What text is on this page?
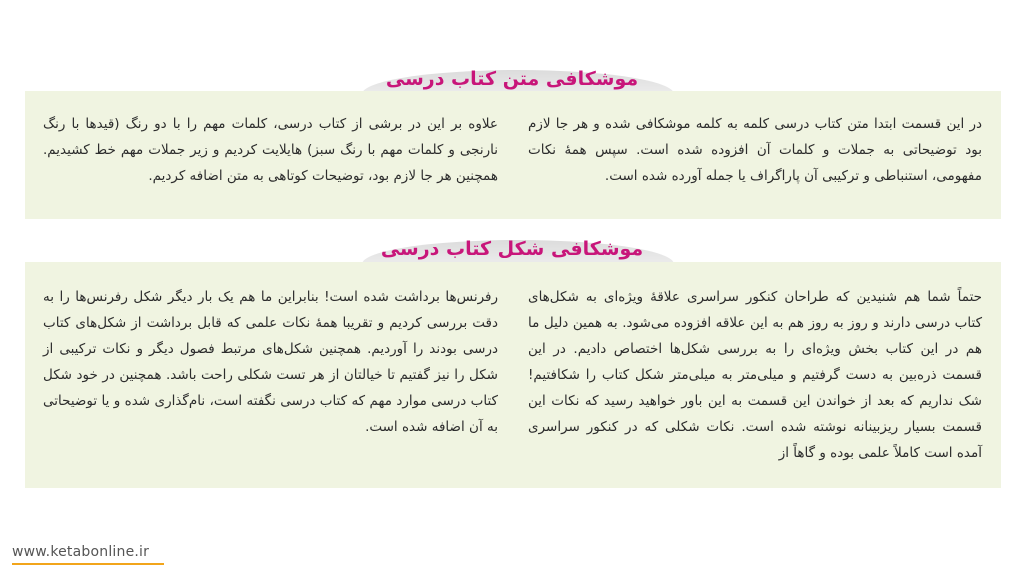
موشکافی متن کتاب درسی

در این قسمت ابتدا متن کتاب درسی کلمه به کلمه موشکافی شده و هر جا لازم بود توضیحاتی به جملات و کلمات آن افزوده شده است. سپس همهٔ نکات مفهومی، استنباطی و ترکیبی آن پاراگراف یا جمله آورده شده است.

علاوه بر این در برشی از کتاب درسی، کلمات مهم را با دو رنگ (قیدها با رنگ نارنجی و کلمات مهم با رنگ سبز) هایلایت کردیم و زیر جملات مهم خط کشیدیم. همچنین هر جا لازم بود، توضیحات کوتاهی به متن اضافه کردیم.

موشکافی شکل کتاب درسی

حتماً شما هم شنیدین که طراحان کنکور سراسری علاقهٔ ویژه‌ای به شکل‌های کتاب درسی دارند و روز به روز هم به این علاقه افزوده می‌شود. به همین دلیل ما هم در این کتاب بخش ویژه‌ای را به بررسی شکل‌ها اختصاص دادیم. در این قسمت ذره‌بین به دست گرفتیم و میلی‌متر به میلی‌متر شکل کتاب را شکافتیم! شک نداریم که بعد از خواندن این قسمت به این باور خواهید رسید که نکات این قسمت بسیار ریزبینانه نوشته شده است. نکات شکلی که در کنکور سراسری آمده است کاملاً علمی بوده و گاهاً از

رفرنس‌ها برداشت شده است! بنابراین ما هم یک بار دیگر شکل رفرنس‌ها را به دقت بررسی کردیم و تقریبا همهٔ نکات علمی که قابل برداشت از شکل‌های کتاب درسی بودند را آوردیم. همچنین شکل‌های مرتبط فصول دیگر و نکات ترکیبی از شکل را نیز گفتیم تا خیالتان از هر تست شکلی راحت باشد. همچنین در خود شکل کتاب درسی موارد مهم که کتاب درسی نگفته است، نام‌گذاری شده و یا توضیحاتی به آن اضافه شده است.

www.ketabonline.ir
